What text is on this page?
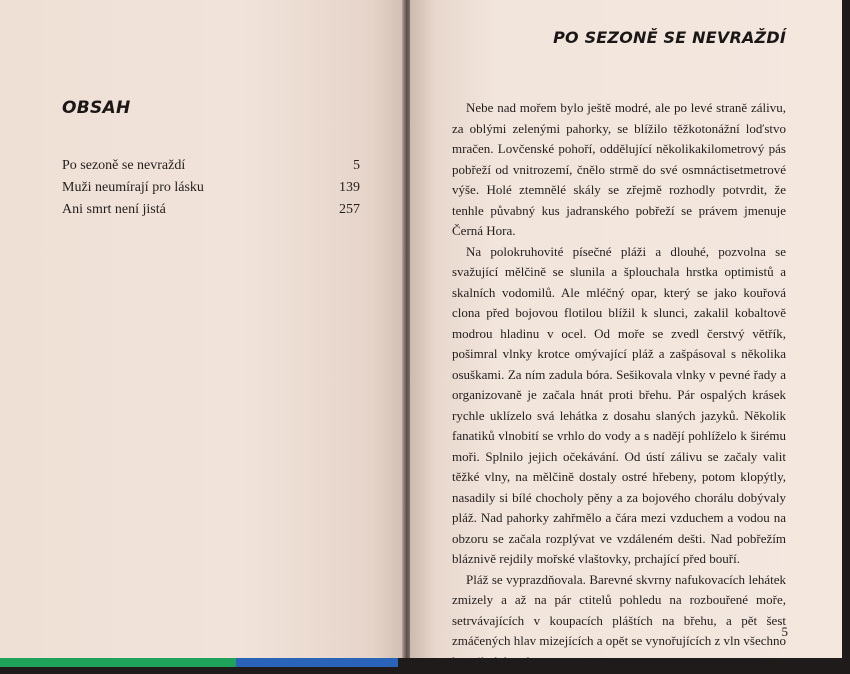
OBSAH
Po sezoně se nevraždí	5
Muži neumírají pro lásku	139
Ani smrt není jistá	257
PO SEZONĚ SE NEVRAŽDÍ

Nebe nad mořem bylo ještě modré, ale po levé straně zálivu, za oblými zelenými pahorky, se blížilo těžkotonážní loďstvo mračen. Lovčenské pohoří, oddělující několikakilometrový pás pobřeží od vnitrozemí, čnělo strmě do své osmnáctisetmetrové výše. Holé ztemnělé skály se zřejmě rozhodly potvrdit, že tenhle půvabný kus jadranského pobřeží se právem jmenuje Černá Hora.

Na polokruhovité písečné pláži a dlouhé, pozvolna se svažující mělčině se slunila a šplouchala hrstka optimistů a skalních vodomilů. Ale mléčný opar, který se jako kouřová clona před bojovou flotilou blížil k slunci, zakalil kobaltově modrou hladinu v ocel. Od moře se zvedl čerstvý větřík, pošimral vlnky krotce omývající pláž a zašpásoval s několika osuškami. Za ním zadula bóra. Sešikovala vlnky v pevné řady a organizovaně je začala hnát proti břehu. Pár ospalých krásek rychle uklízelo svá lehátka z dosahu slaných jazyků. Několik fanatiků vlnobití se vrhlo do vody a s nadějí pohlíželo k širému moři. Splnilo jejich očekávání. Od ústí zálivu se začaly valit těžké vlny, na mělčině dostaly ostré hřebeny, potom klopýtly, nasadily si bílé chocholy pěny a za bojového chorálu dobývaly pláž. Nad pahorky zahřmělo a čára mezi vzduchem a vodou na obzoru se začala rozplývat ve vzdáleném dešti. Nad pobřežím bláznivě rejdily mořské vlaštovky, prchající před bouří.

Pláž se vyprazdňovala. Barevné skvrny nafukovacích lehátek zmizely a až na pár ctitelů pohledu na rozbouřené moře, setrvávajících v koupacích pláštích na břehu, a pět šest zmáčených hlav mizejících a opět se vynořujících z vln všechno

5
